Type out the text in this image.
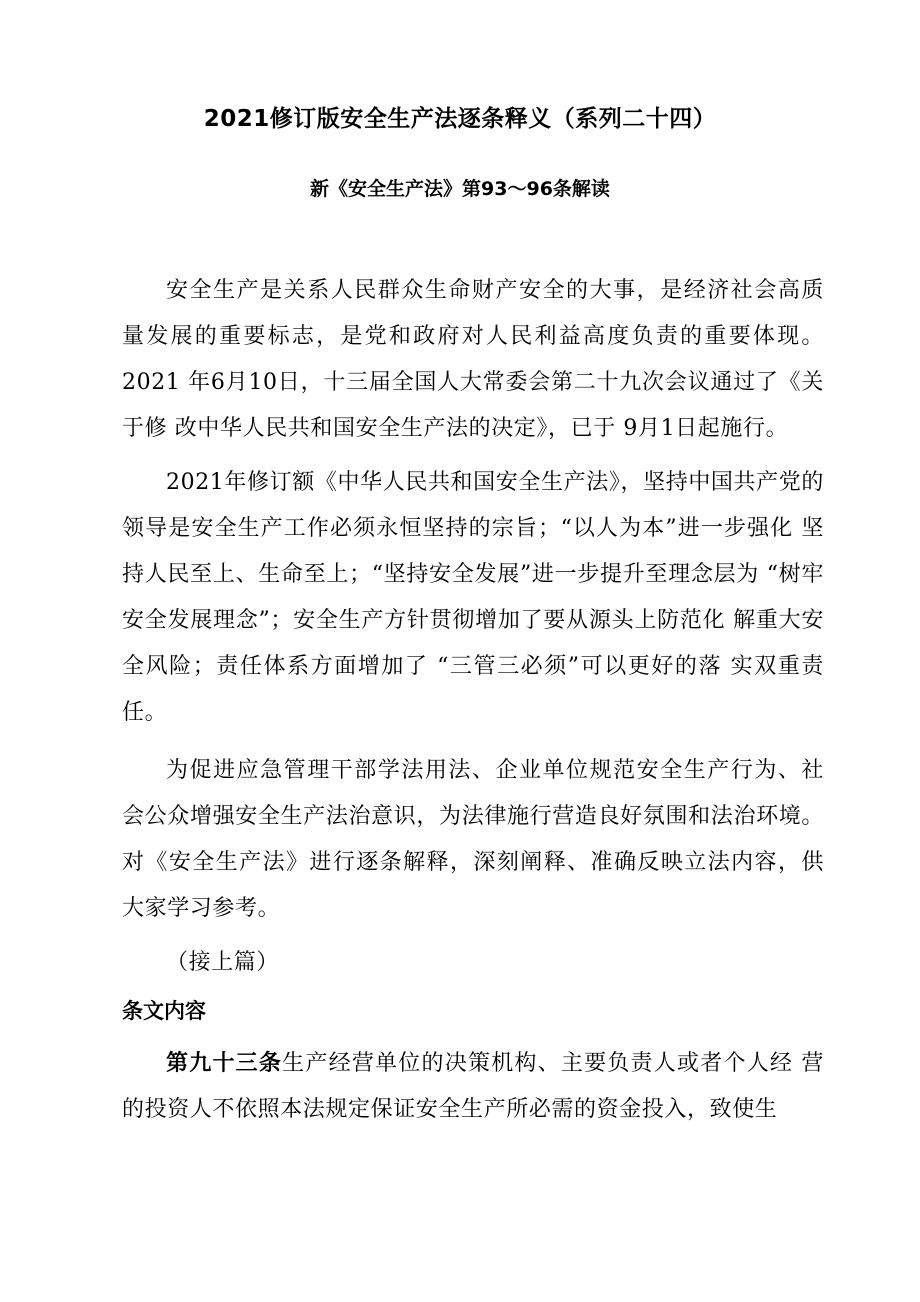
2021修订版安全生产法逐条释义（系列二十四）
新《安全生产法》第93〜96条解读

安全生产是关系人民群众生命财产安全的大事，是经济社会高质 量发展的重要标志，是党和政府对人民利益高度负责的重要体现。2021 年6月10日，十三届全国人大常委会第二十九次会议通过了《关于修 改中华人民共和国安全生产法的决定》，已于 9月1日起施行。

2021年修订额《中华人民共和国安全生产法》，坚持中国共产党的 领导是安全生产工作必须永恒坚持的宗旨；“以人为本”进一步强化 坚持人民至上、生命至上；“坚持安全发展”进一步提升至理念层为 “树牢安全发展理念”；安全生产方针贯彻增加了要从源头上防范化 解重大安全风险；责任体系方面增加了 “三管三必须”可以更好的落 实双重责任。

为促进应急管理干部学法用法、企业单位规范安全生产行为、社 会公众增强安全生产法治意识，为法律施行营造良好氛围和法治环境。 对《安全生产法》进行逐条解释，深刻阐释、准确反映立法内容，供 大家学习参考。

（接上篇）

条文内容

第九十三条生产经营单位的决策机构、主要负责人或者个人经 营的投资人不依照本法规定保证安全生产所必需的资金投入，致使生
